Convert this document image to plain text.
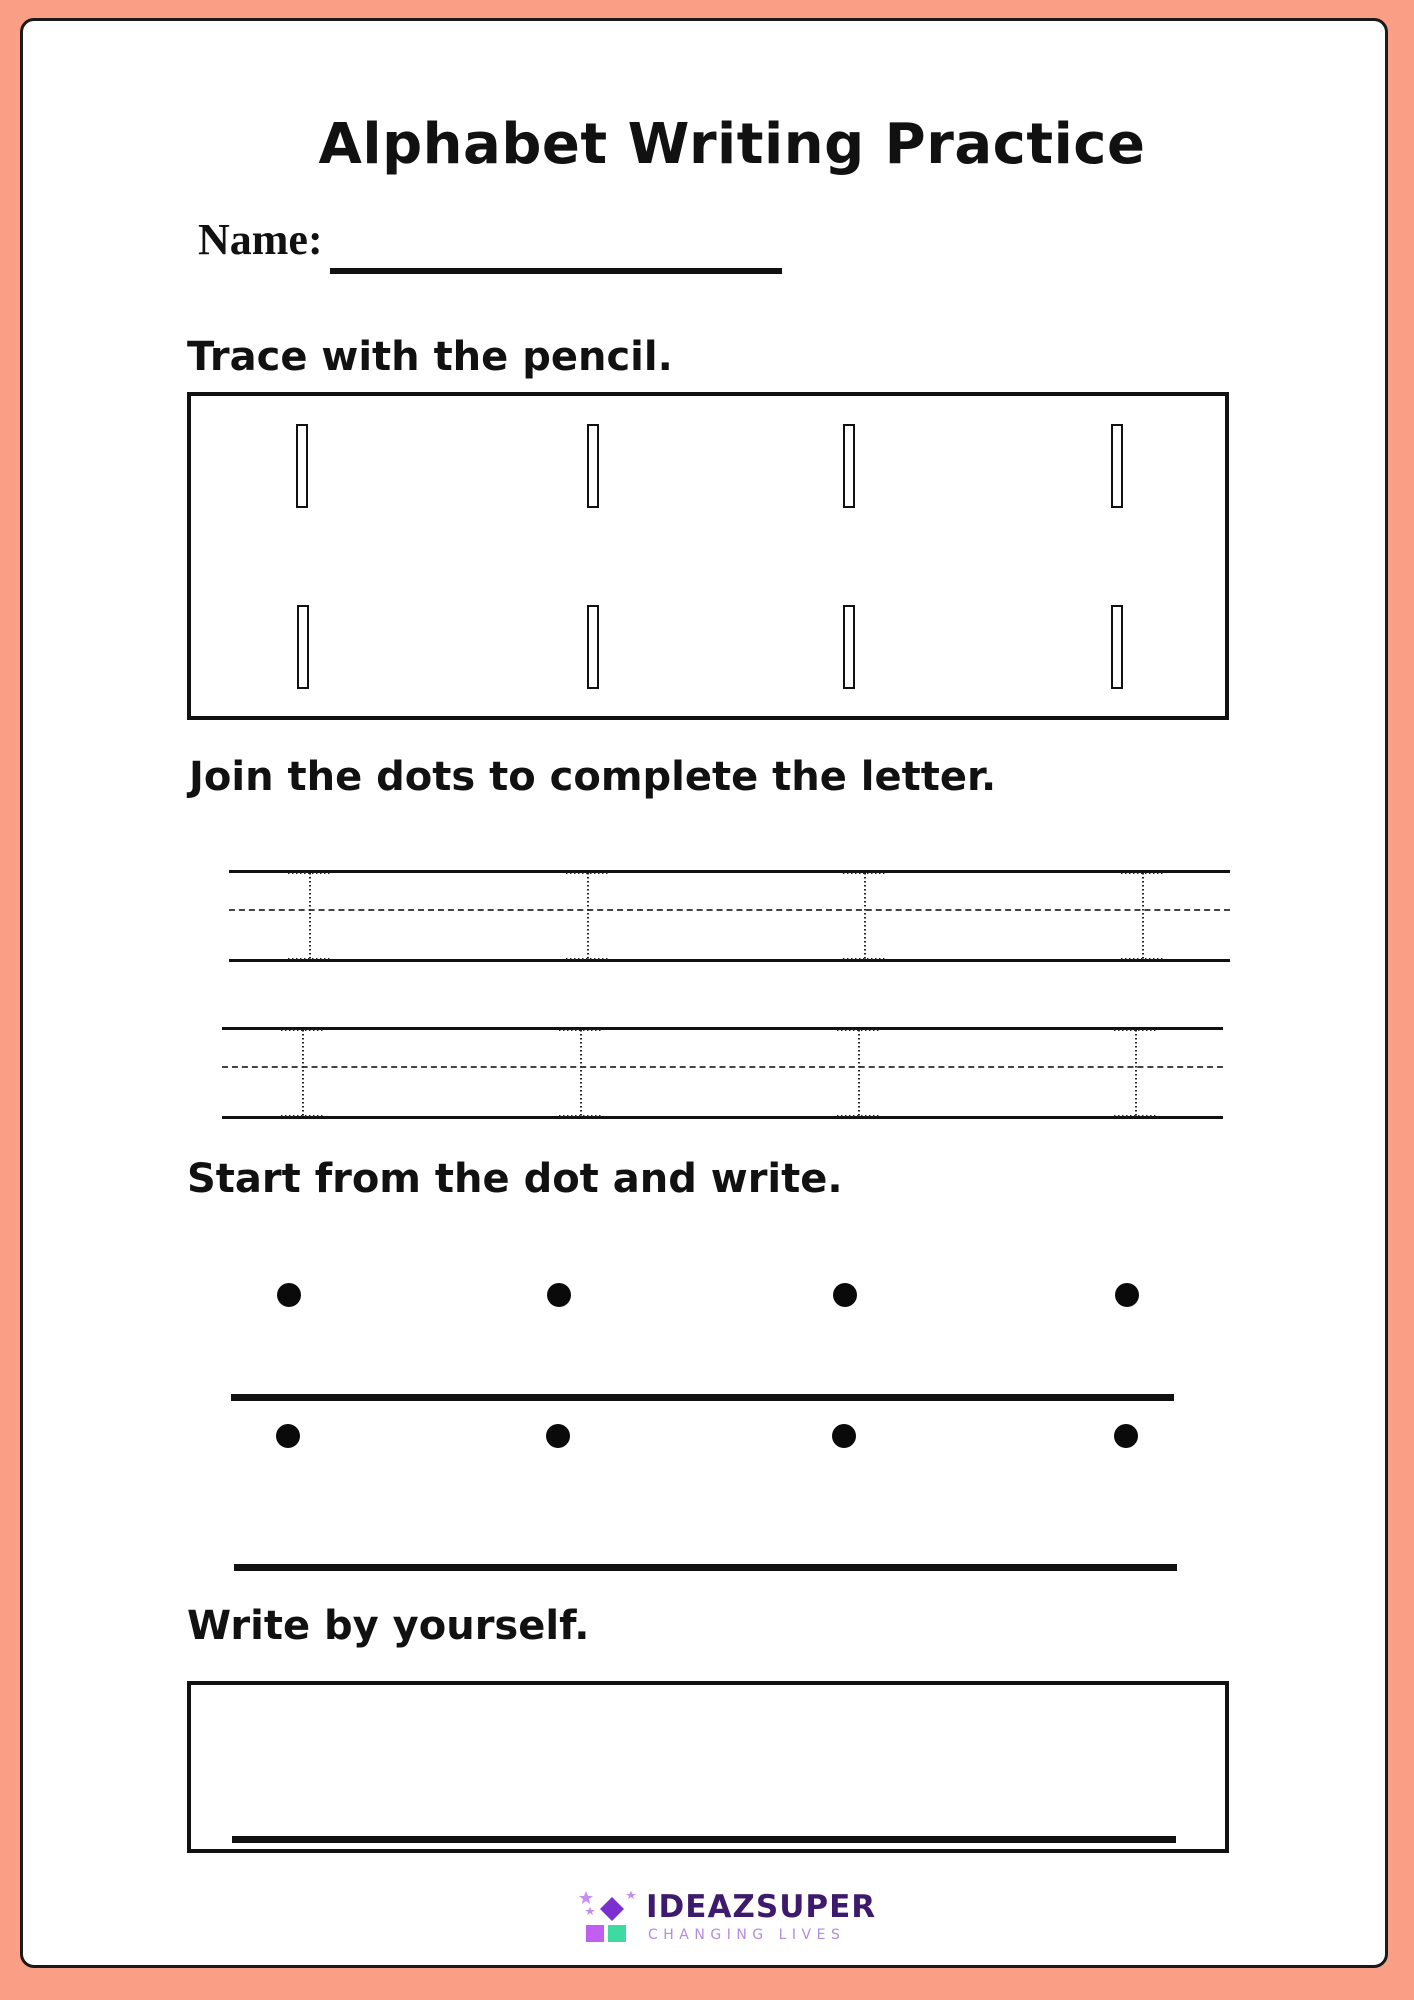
Alphabet Writing Practice
Name:
Trace with the pencil.
Join the dots to complete the letter.
Start from the dot and write.
Write by yourself.
IDEAZSUPER
CHANGING LIVES
